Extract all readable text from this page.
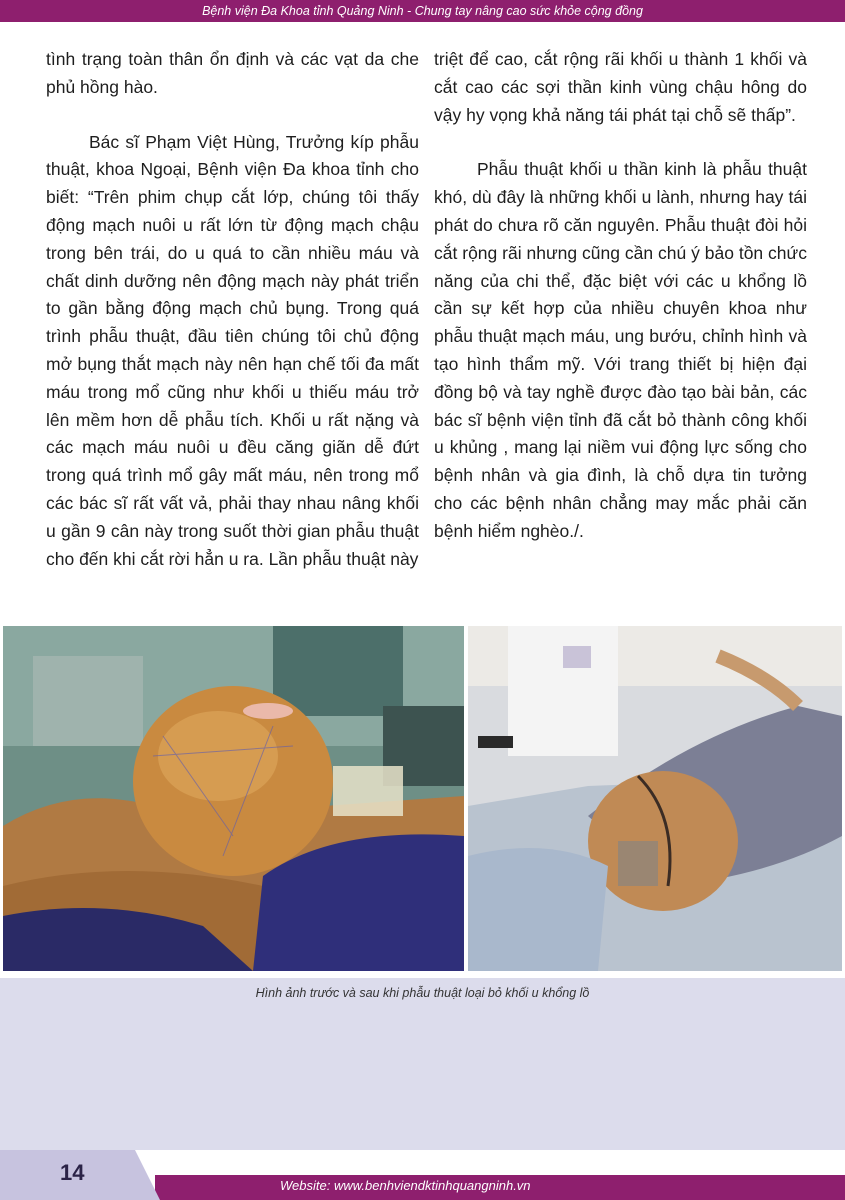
Bệnh viện Đa Khoa tỉnh Quảng Ninh - Chung tay nâng cao sức khỏe cộng đồng

tình trạng toàn thân ổn định và các vạt da che phủ hồng hào.

Bác sĩ Phạm Việt Hùng, Trưởng kíp phẫu thuật, khoa Ngoại, Bệnh viện Đa khoa tỉnh cho biết: “Trên phim chụp cắt lớp, chúng tôi thấy động mạch nuôi u rất lớn từ động mạch chậu trong bên trái, do u quá to cần nhiều máu và chất dinh dưỡng nên động mạch này phát triển to gần bằng động mạch chủ bụng. Trong quá trình phẫu thuật, đầu tiên chúng tôi chủ động mở bụng thắt mạch này nên hạn chế tối đa mất máu trong mổ cũng như khối u thiếu máu trở lên mềm hơn dễ phẫu tích. Khối u rất nặng và các mạch máu nuôi u đều căng giãn dễ đứt trong quá trình mổ gây mất máu, nên trong mổ các bác sĩ rất vất vả, phải thay nhau nâng khối u gần 9 cân này trong suốt thời gian phẫu thuật cho đến khi cắt rời hẳn u ra. Lần phẫu thuật này

triệt để cao, cắt rộng rãi khối u thành 1 khối và cắt cao các sợi thần kinh vùng chậu hông do vậy hy vọng khả năng tái phát tại chỗ sẽ thấp”.

Phẫu thuật khối u thần kinh là phẫu thuật khó, dù đây là những khối u lành, nhưng hay tái phát do chưa rõ căn nguyên. Phẫu thuật đòi hỏi cắt rộng rãi nhưng cũng cần chú ý bảo tồn chức năng của chi thể, đặc biệt với các u khổng lồ cần sự kết hợp của nhiều chuyên khoa như phẫu thuật mạch máu, ung bướu, chỉnh hình và tạo hình thẩm mỹ. Với trang thiết bị hiện đại đồng bộ và tay nghề được đào tạo bài bản, các bác sĩ bệnh viện tỉnh đã cắt bỏ thành công khối u khủng , mang lại niềm vui động lực sống cho bệnh nhân và gia đình, là chỗ dựa tin tưởng cho các bệnh nhân chẳng may mắc phải căn bệnh hiểm nghèo./.

Hình ảnh trước và sau khi phẫu thuật loại bỏ khối u khổng lồ
14
Website: www.benhviendktinhquangninh.vn
